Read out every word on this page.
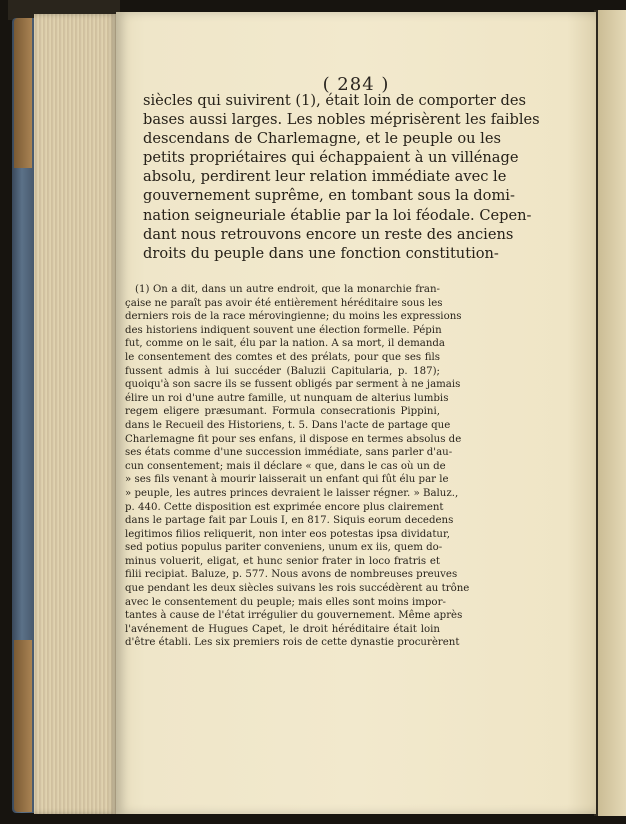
( 284 )
siècles qui suivirent (1), était loin de comporter des
bases aussi larges. Les nobles méprisèrent les faibles
descendans de Charlemagne, et le peuple ou les
petits propriétaires qui échappaient à un villénage
absolu, perdirent leur relation immédiate avec le
gouvernement suprême, en tombant sous la domi-
nation seigneuriale établie par la loi féodale. Cepen-
dant nous retrouvons encore un reste des anciens
droits du peuple dans une fonction constitution-
(1) On a dit, dans un autre endroit, que la monarchie fran-
çaise ne paraît pas avoir été entièrement héréditaire sous les
derniers rois de la race mérovingienne; du moins les expressions
des historiens indiquent souvent une élection formelle. Pépin
fut, comme on le sait, élu par la nation. A sa mort, il demanda
le consentement des comtes et des prélats, pour que ses fils
fussent admis à lui succéder (Baluzii Capitularia, p. 187);
quoiqu'à son sacre ils se fussent obligés par serment à ne jamais
élire un roi d'une autre famille, ut nunquam de alterius lumbis
regem eligere præsumant. Formula consecrationis Pippini,
dans le Recueil des Historiens, t. 5. Dans l'acte de partage que
Charlemagne fit pour ses enfans, il dispose en termes absolus de
ses états comme d'une succession immédiate, sans parler d'au-
cun consentement; mais il déclare « que, dans le cas où un de
» ses fils venant à mourir laisserait un enfant qui fût élu par le
» peuple, les autres princes devraient le laisser régner. » Baluz.,
p. 440. Cette disposition est exprimée encore plus clairement
dans le partage fait par Louis I, en 817. Siquis eorum decedens
legitimos filios reliquerit, non inter eos potestas ipsa dividatur,
sed potius populus pariter conveniens, unum ex iis, quem do-
minus voluerit, eligat, et hunc senior frater in loco fratris et
filii recipiat. Baluze, p. 577. Nous avons de nombreuses preuves
que pendant les deux siècles suivans les rois succédèrent au trône
avec le consentement du peuple; mais elles sont moins impor-
tantes à cause de l'état irrégulier du gouvernement. Même après
l'avénement de Hugues Capet, le droit héréditaire était loin
d'être établi. Les six premiers rois de cette dynastie procurèrent
